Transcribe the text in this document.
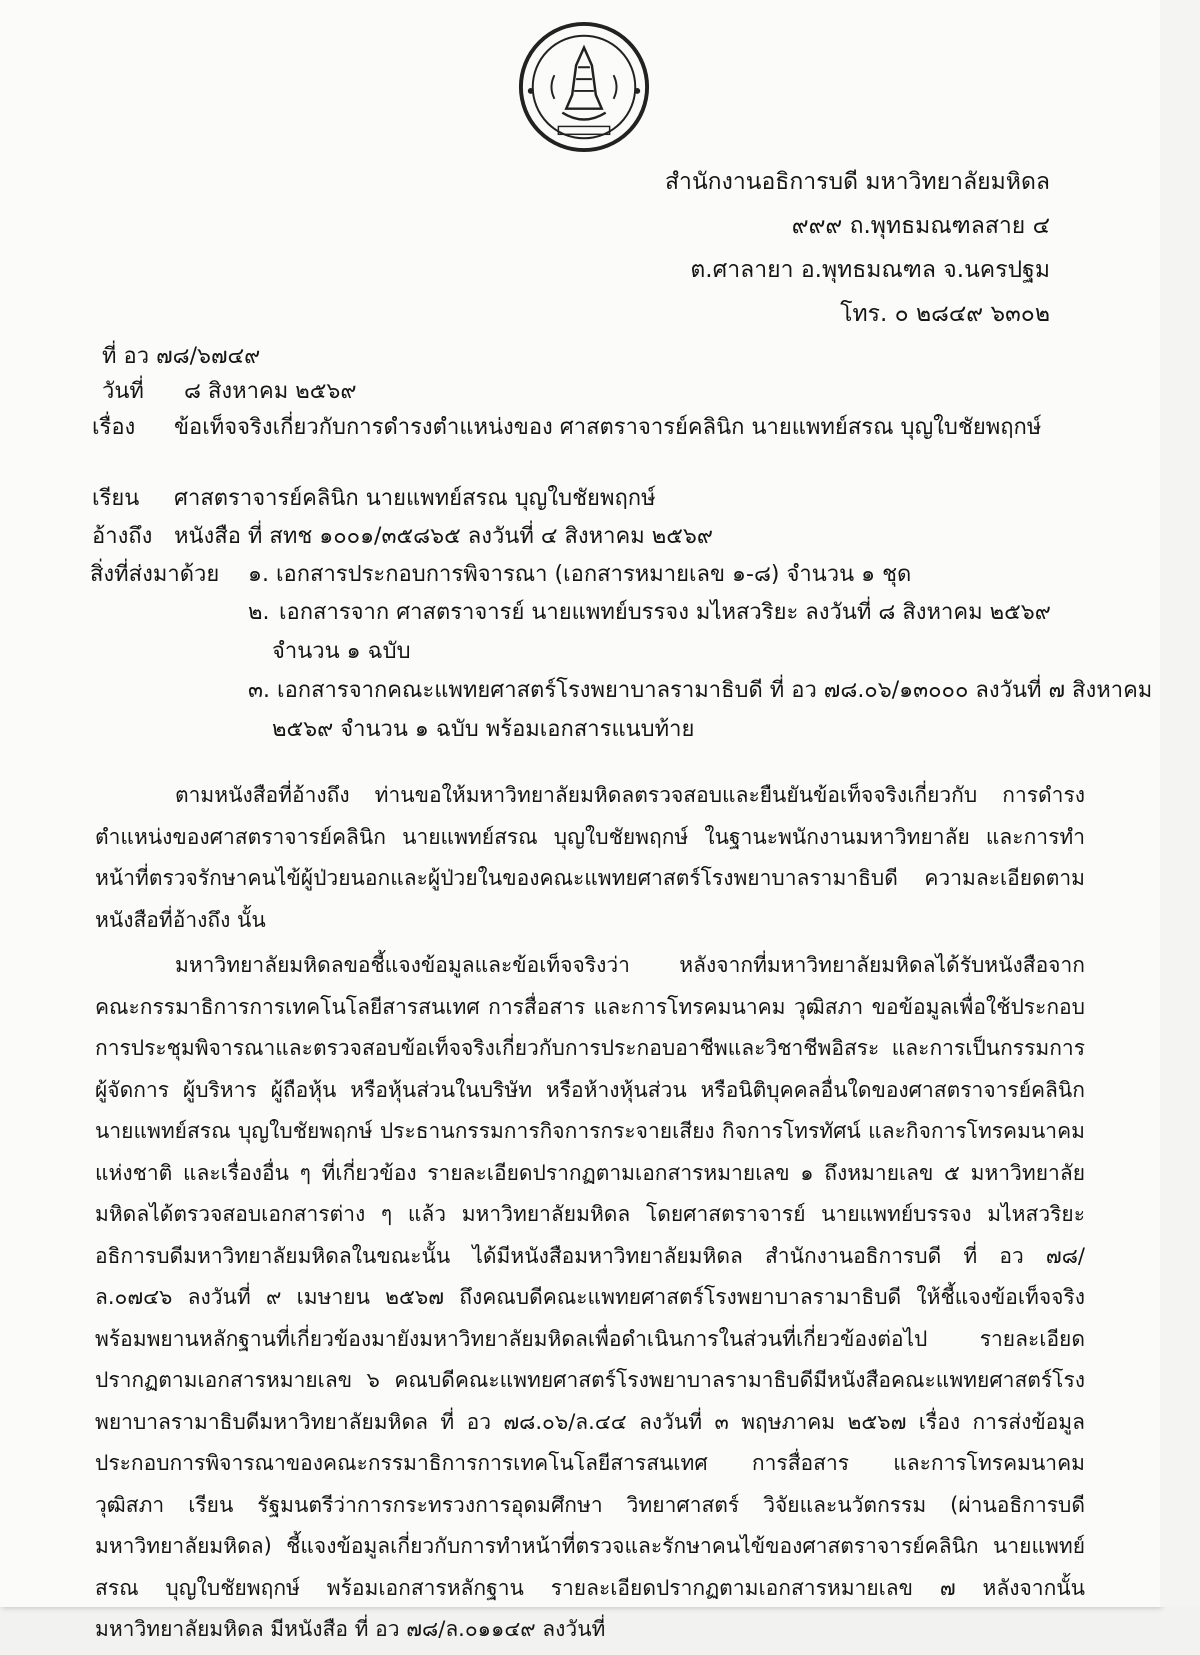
สำนักงานอธิการบดี มหาวิทยาลัยมหิดล
๙๙๙ ถ.พุทธมณฑลสาย ๔
ต.ศาลายา อ.พุทธมณฑล จ.นครปฐม
โทร. ๐ ๒๘๔๙ ๖๓๐๒
ที่
อว ๗๘/๖๗๔๙
วันที่	๘ สิงหาคม ๒๕๖๙
เรื่อง	ข้อเท็จจริงเกี่ยวกับการดำรงตำแหน่งของ ศาสตราจารย์คลินิก นายแพทย์สรณ บุญใบชัยพฤกษ์
เรียน	ศาสตราจารย์คลินิก นายแพทย์สรณ บุญใบชัยพฤกษ์
อ้างถึง หนังสือ ที่ สทช ๑๐๐๑/๓๕๘๖๕ ลงวันที่ ๔ สิงหาคม ๒๕๖๙
สิ่งที่ส่งมาด้วย	๑.
เอกสารประกอบการพิจารณา (เอกสารหมายเลข ๑-๘) จำนวน ๑ ชุด
๒.
เอกสารจาก ศาสตราจารย์ นายแพทย์บรรจง มไหสวริยะ ลงวันที่ ๘ สิงหาคม ๒๕๖๙
จำนวน ๑ ฉบับ
๓.
เอกสารจากคณะแพทยศาสตร์โรงพยาบาลรามาธิบดี ที่ อว ๗๘.๐๖/๑๓๐๐๐ ลงวันที่ ๗ สิงหาคม
๒๕๖๙ จำนวน ๑ ฉบับ พร้อมเอกสารแนบท้าย

ตามหนังสือที่อ้างถึง ท่านขอให้มหาวิทยาลัยมหิดลตรวจสอบและยืนยันข้อเท็จจริงเกี่ยวกับ การดำรงตำแหน่งของศาสตราจารย์คลินิก นายแพทย์สรณ บุญใบชัยพฤกษ์ ในฐานะพนักงานมหาวิทยาลัย และการทำหน้าที่ตรวจรักษาคนไข้ผู้ป่วยนอกและผู้ป่วยในของคณะแพทยศาสตร์โรงพยาบาลรามาธิบดี ความละเอียดตามหนังสือที่อ้างถึง นั้น

มหาวิทยาลัยมหิดลขอชี้แจงข้อมูลและข้อเท็จจริงว่า หลังจากที่มหาวิทยาลัยมหิดลได้รับหนังสือจากคณะกรรมาธิการการเทคโนโลยีสารสนเทศ การสื่อสาร และการโทรคมนาคม วุฒิสภา ขอข้อมูลเพื่อใช้ประกอบการประชุมพิจารณาและตรวจสอบข้อเท็จจริงเกี่ยวกับการประกอบอาชีพและวิชาชีพอิสระ และการเป็นกรรมการ ผู้จัดการ ผู้บริหาร ผู้ถือหุ้น หรือหุ้นส่วนในบริษัท หรือห้างหุ้นส่วน หรือนิติบุคคลอื่นใดของศาสตราจารย์คลินิก นายแพทย์สรณ บุญใบชัยพฤกษ์ ประธานกรรมการกิจการกระจายเสียง กิจการโทรทัศน์ และกิจการโทรคมนาคมแห่งชาติ และเรื่องอื่น ๆ ที่เกี่ยวข้อง รายละเอียดปรากฏตามเอกสารหมายเลข ๑ ถึงหมายเลข ๕ มหาวิทยาลัยมหิดลได้ตรวจสอบเอกสารต่าง ๆ แล้ว มหาวิทยาลัยมหิดล โดยศาสตราจารย์ นายแพทย์บรรจง มไหสวริยะ อธิการบดีมหาวิทยาลัยมหิดลในขณะนั้น ได้มีหนังสือมหาวิทยาลัยมหิดล สำนักงานอธิการบดี ที่ อว ๗๘/ล.๐๗๔๖ ลงวันที่ ๙ เมษายน ๒๕๖๗ ถึงคณบดีคณะแพทยศาสตร์โรงพยาบาลรามาธิบดี ให้ชี้แจงข้อเท็จจริงพร้อมพยานหลักฐานที่เกี่ยวข้องมายังมหาวิทยาลัยมหิดลเพื่อดำเนินการในส่วนที่เกี่ยวข้องต่อไป รายละเอียดปรากฏตามเอกสารหมายเลข ๖ คณบดีคณะแพทยศาสตร์โรงพยาบาลรามาธิบดีมีหนังสือคณะแพทยศาสตร์โรงพยาบาลรามาธิบดีมหาวิทยาลัยมหิดล ที่ อว ๗๘.๐๖/ล.๔๔ ลงวันที่ ๓ พฤษภาคม ๒๕๖๗ เรื่อง การส่งข้อมูลประกอบการพิจารณาของคณะกรรมาธิการการเทคโนโลยีสารสนเทศ การสื่อสาร และการโทรคมนาคม วุฒิสภา เรียน รัฐมนตรีว่าการกระทรวงการอุดมศึกษา วิทยาศาสตร์ วิจัยและนวัตกรรม (ผ่านอธิการบดีมหาวิทยาลัยมหิดล) ชี้แจงข้อมูลเกี่ยวกับการทำหน้าที่ตรวจและรักษาคนไข้ของศาสตราจารย์คลินิก นายแพทย์สรณ บุญใบชัยพฤกษ์ พร้อมเอกสารหลักฐาน รายละเอียดปรากฏตามเอกสารหมายเลข ๗ หลังจากนั้น มหาวิทยาลัยมหิดล มีหนังสือ ที่ อว ๗๘/ล.๐๑๑๔๙ ลงวันที่
